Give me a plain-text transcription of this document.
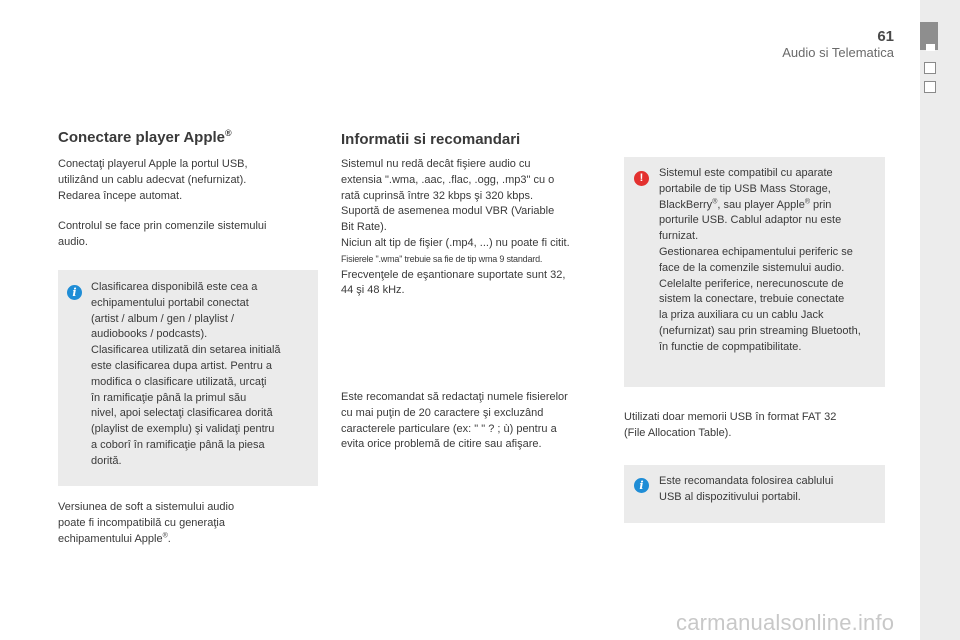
61
Audio si Telematica
Conectare player Apple®

Conectaţi playerul Apple la portul USB,
utilizând un cablu adecvat (nefurnizat).
Redarea începe automat.

Controlul se face prin comenzile sistemului
audio.

i	Clasificarea disponibilă este cea a
echipamentului portabil conectat
(artist / album / gen / playlist /
audiobooks / podcasts).
Clasificarea utilizată din setarea initială
este clasificarea dupa artist. Pentru a
modifica o clasificare utilizată, urcaţi
în ramificaţie până la primul său
nivel, apoi selectaţi clasificarea dorită
(playlist de exemplu) şi validaţi pentru
a coborî în ramificaţie până la piesa
dorită.

Versiunea de soft a sistemului audio
poate fi incompatibilă cu generaţia
echipamentului Apple®.

Informatii si recomandari

Sistemul nu redă decât fişiere audio cu
extensia ".wma, .aac, .flac, .ogg, .mp3" cu o
rată cuprinsă între 32 kbps şi 320 kbps.
Suportă de asemenea modul VBR (Variable
Bit Rate).
Niciun alt tip de fişier (.mp4, ...) nu poate fi citit.
Fisierele ".wma" trebuie sa fie de tip wma 9 standard.
Frecvenţele de eşantionare suportate sunt 32,
44 şi 48 kHz.

Este recomandat să redactaţi numele fisierelor
cu mai puţin de 20 caractere şi excluzând
caracterele particulare (ex: " " ? ; ù) pentru a
evita orice problemă de citire sau afişare.

!	Sistemul este compatibil cu aparate
portabile de tip USB Mass Storage,
BlackBerry®, sau player Apple® prin
porturile USB. Cablul adaptor nu este
furnizat.
Gestionarea echipamentului periferic se
face de la comenzile sistemului audio.
Celelalte periferice, nerecunoscute de
sistem la conectare, trebuie conectate
la priza auxiliara cu un cablu Jack
(nefurnizat) sau prin streaming Bluetooth,
în functie de copmpatibilitate.

Utilizati doar memorii USB în format FAT 32
(File Allocation Table).

i	Este recomandata folosirea cablului
USB al dispozitivului portabil.

carmanualsonline.info
